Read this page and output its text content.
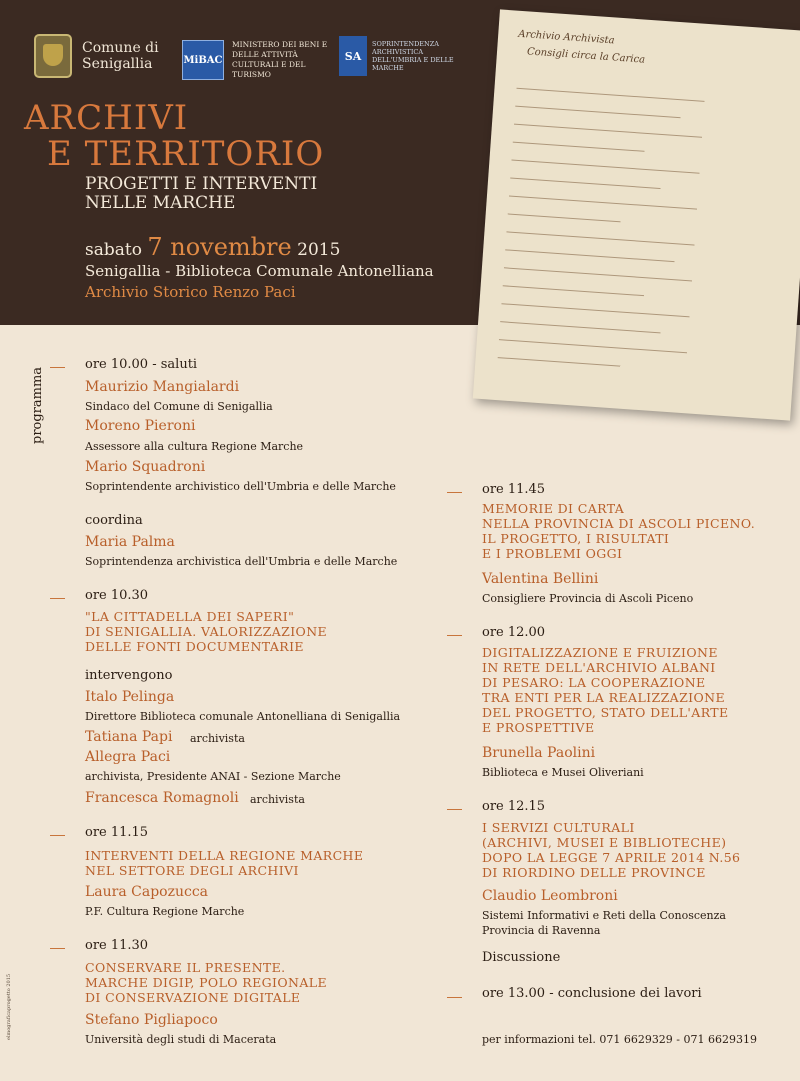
Comune di Senigallia	MiBAC
MINISTERO DEI BENI E DELLE ATTIVITÀ CULTURALI E DEL TURISMO
SA
SOPRINTENDENZA ARCHIVISTICA DELL'UMBRIA E DELLE MARCHE
ARCHIVI
E TERRITORIO
PROGETTI E INTERVENTI
NELLE MARCHE
sabato 7 novembre 2015
Senigallia - Biblioteca Comunale Antonelliana
Archivio Storico Renzo Paci
Archivio Archivista
Consigli circa la Carica
programma
ore 10.00 - saluti
Maurizio Mangialardi
Sindaco del Comune di Senigallia
Moreno Pieroni
Assessore alla cultura Regione Marche
Mario Squadroni
Soprintendente archivistico dell'Umbria e delle Marche
coordina
Maria Palma
Soprintendenza archivistica dell'Umbria e delle Marche
ore 10.30
"LA CITTADELLA DEI SAPERI"
DI SENIGALLIA. VALORIZZAZIONE
DELLE FONTI DOCUMENTARIE
intervengono
Italo Pelinga
Direttore Biblioteca comunale Antonelliana di Senigallia
Tatiana Papi archivista
Allegra Paci
archivista, Presidente ANAI - Sezione Marche
Francesca Romagnoli archivista
ore 11.15
INTERVENTI DELLA REGIONE MARCHE
NEL SETTORE DEGLI ARCHIVI
Laura Capozucca
P.F. Cultura Regione Marche
ore 11.30
CONSERVARE IL PRESENTE.
MARCHE DIGIP, POLO REGIONALE
DI CONSERVAZIONE DIGITALE
Stefano Pigliapoco
Università degli studi di Macerata
ore 11.45
MEMORIE DI CARTA
NELLA PROVINCIA DI ASCOLI PICENO.
IL PROGETTO, I RISULTATI
E I PROBLEMI OGGI
Valentina Bellini
Consigliere Provincia di Ascoli Piceno
ore 12.00
DIGITALIZZAZIONE E FRUIZIONE
IN RETE DELL'ARCHIVIO ALBANI
DI PESARO: LA COOPERAZIONE
TRA ENTI PER LA REALIZZAZIONE
DEL PROGETTO, STATO DELL'ARTE
E PROSPETTIVE
Brunella Paolini
Biblioteca e Musei Oliveriani
ore 12.15
I SERVIZI CULTURALI
(ARCHIVI, MUSEI E BIBLIOTECHE)
DOPO LA LEGGE 7 APRILE 2014 N.56
DI RIORDINO DELLE PROVINCE
Claudio Leombroni
Sistemi Informativi e Reti della Conoscenza
Provincia di Ravenna
Discussione
ore 13.00 - conclusione dei lavori
per informazioni tel. 071 6629329 - 071 6629319
elmograficaprogetto 2015
